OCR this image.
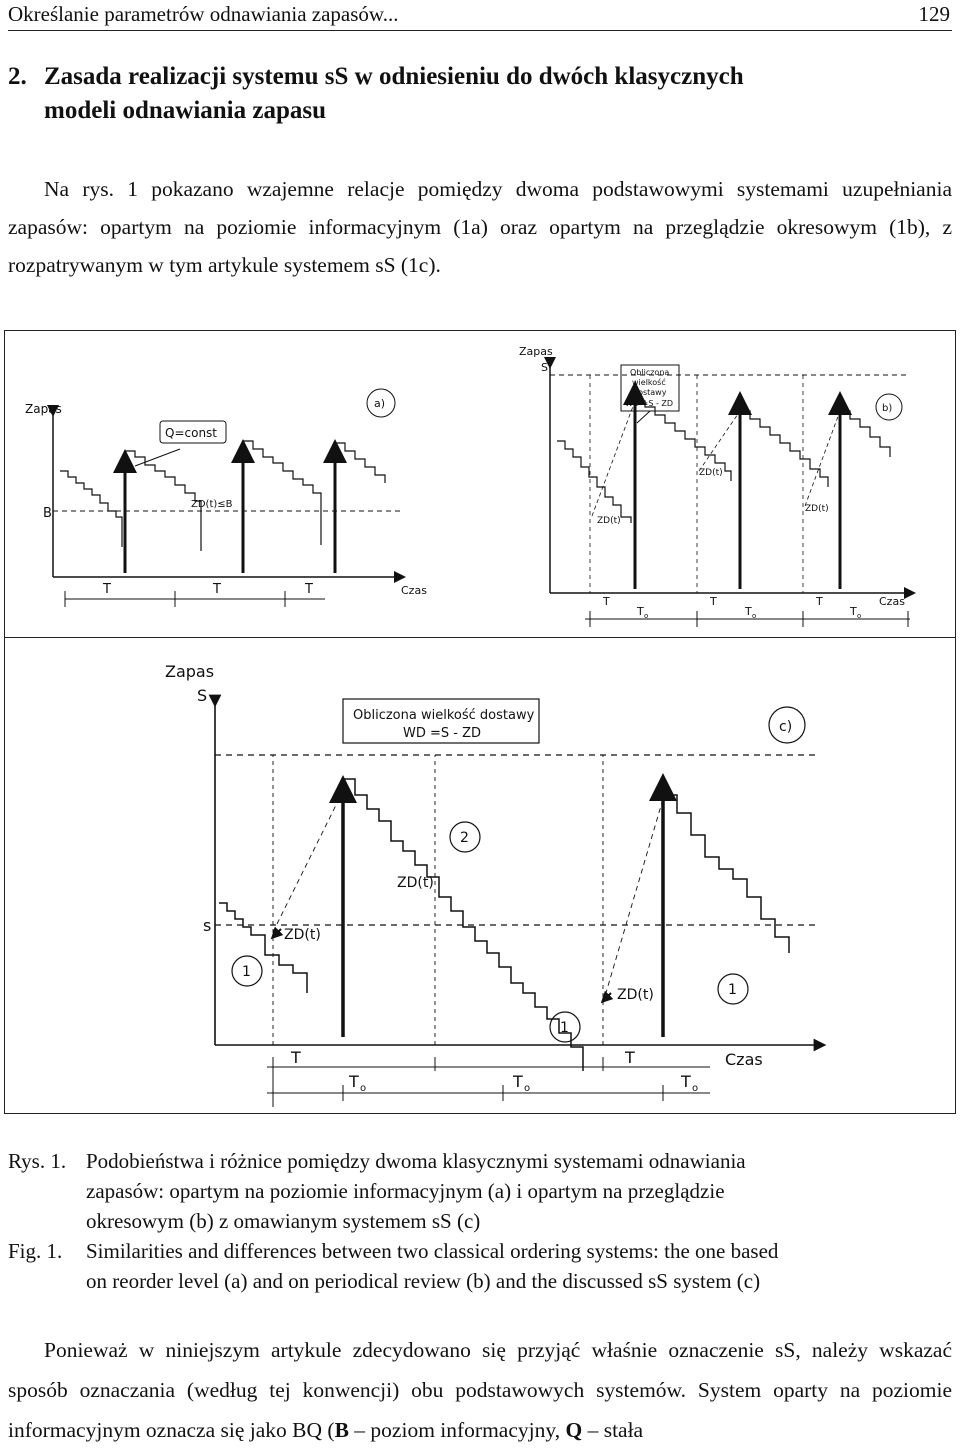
Określanie parametrów odnawiania zapasów...	129
2. Zasada realizacji systemu sS w odniesieniu do dwóch klasycznych
modeli odnawiania zapasu
Na rys. 1 pokazano wzajemne relacje pomiędzy dwoma podstawowymi systemami uzupełniania zapasów: opartym na poziomie informacyjnym (1a) oraz opartym na przeglądzie okresowym (1b), z rozpatrywanym w tym artykule systemem sS (1c).
Zapas	a)
Q=const
B
ZD(t)≤B
T	T	T	Czas
Zapas
S
b)
Obliczona
wielkość
dostawy
WD =S - ZD
ZD(t)
ZD(t)
ZD(t)
T	T	T
T o	T o	T o
Czas
Zapas
S
s
c)
Obliczona wielkość dostawy
WD =S - ZD
2
1
1
1
ZD(t)
ZD(t)
ZD(t)
T	T
T o	T o	T o
Czas
Rys. 1. Podobieństwa i różnice pomiędzy dwoma klasycznymi systemami odnawiania
zapasów: opartym na poziomie informacyjnym (a) i opartym na przeglądzie
okresowym (b) z omawianym systemem sS (c)
Fig. 1. Similarities and differences between two classical ordering systems: the one based
on reorder level (a) and on periodical review (b) and the discussed sS system (c)
Ponieważ w niniejszym artykule zdecydowano się przyjąć właśnie oznaczenie sS, należy wskazać sposób oznaczania (według tej konwencji) obu podstawowych systemów. System oparty na poziomie informacyjnym oznacza się jako BQ (B – poziom informacyjny, Q – stała
